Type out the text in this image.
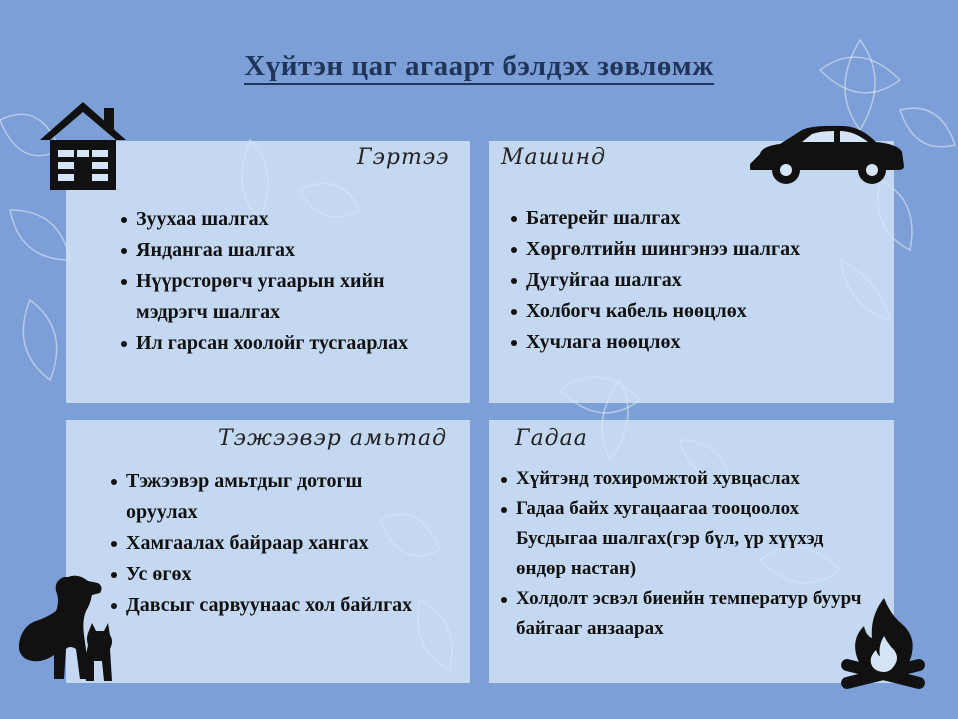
Хүйтэн цаг агаарт бэлдэх зөвлөмж
Гэртээ
Зуухаа шалгах
Яндангаа шалгах
Нүүрсторөгч угаарын хийн мэдрэгч шалгах
Ил гарсан хоолойг тусгаарлах
Машинд
Батерейг шалгах
Хөргөлтийн шингэнээ шалгах
Дугуйгаа шалгах
Холбогч кабель нөөцлөх
Хучлага нөөцлөх
Тэжээвэр амьтад
Тэжээвэр амьтдыг дотогш оруулах
Хамгаалах байраар хангах
Ус өгөх
Давсыг сарвуунаас хол байлгах
Гадаа
Хүйтэнд тохиромжтой хувцаслах
Гадаа байх хугацаагаа тооцоолох
Бусдыгаа шалгах(гэр бүл, үр хүүхэд өндөр настан)
Холдолт эсвэл биеийн температур буурч байгааг анзаарах
